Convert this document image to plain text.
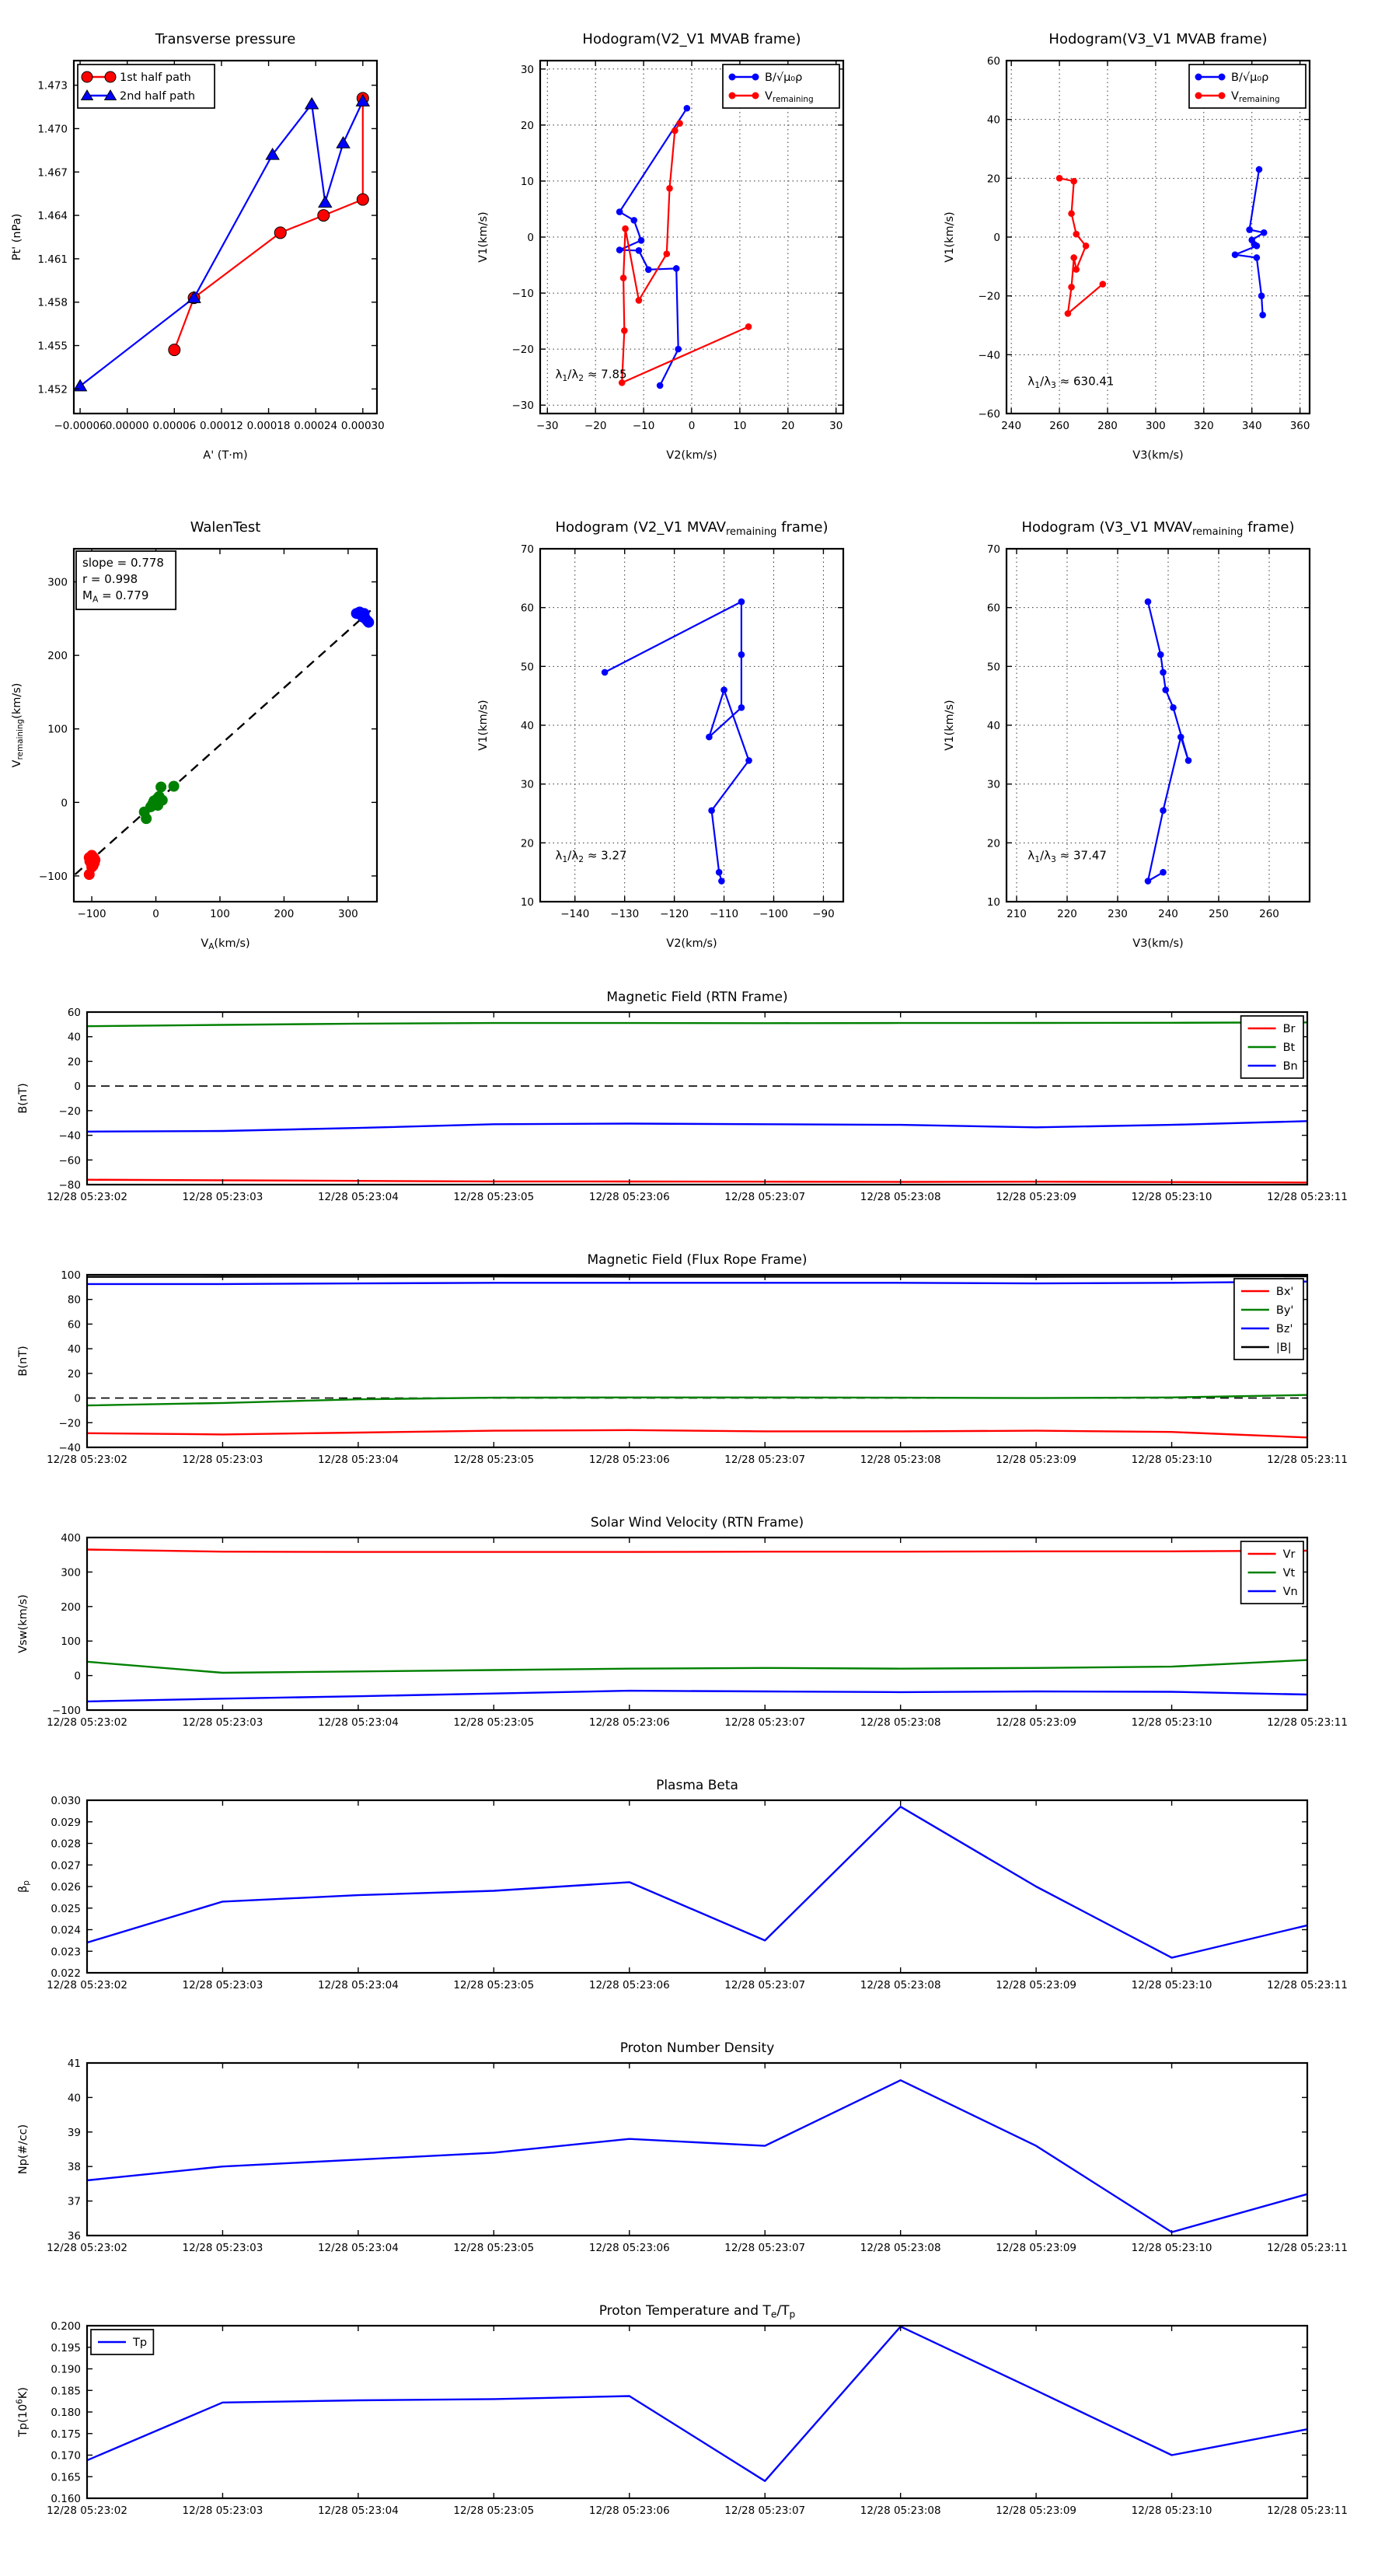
−0.00006 0.00000 0.00006 0.00012 0.00018 0.00024 0.00030
1.452
1.455
1.458
1.461
1.464
1.467
1.470
1.473
Transverse pressure
A' (T·m)
Pt' (nPa)
1st half path
2nd half path
−30 −20 −10	0	10	20	30
−30
−20
−10
0
10
20
30
Hodogram(V2_V1 MVAB frame)
V2(km/s)
V1(km/s)
$\lambda_1/\lambda_2 \approx 7.85$
B/√μ₀ρ
$V_{remaining}$
240	260	280	300	320	340	360
−60
−40
−20
0
20
40
60
Hodogram(V3_V1 MVAB frame)
V3(km/s)
V1(km/s)
$\lambda_1/\lambda_3 \approx 630.41$
B/√μ₀ρ
$V_{remaining}$
−100	0	100	200	300
−100
0
100
200
300
WalenTest
$V_A(km/s)$
$V_{remaining}(km/s)$
slope = 0.778
r = 0.998
$M_A = 0.779$
−140 −130 −120 −110 −100 −90
10
20
30
40
50
60
70
Hodogram (V2_V1 $MVAV_{remaining}$ frame)
V2(km/s)
V1(km/s)
$\lambda_1/\lambda_2 \approx 3.27$
210	220	230	240	250	260
10
20
30
40
50
60
70
Hodogram (V3_V1 $MVAV_{remaining}$ frame)
V3(km/s)
V1(km/s)
$\lambda_1/\lambda_3 \approx 37.47$
12/28 05:23:02	12/28 05:23:03	12/28 05:23:04	12/28 05:23:05	12/28 05:23:06	12/28 05:23:07	12/28 05:23:08	12/28 05:23:09	12/28 05:23:10	12/28 05:23:11
−80
−60
−40
−20
0
20
40
60
Magnetic Field (RTN Frame)
B(nT)
Br
Bt
Bn
12/28 05:23:02	12/28 05:23:03	12/28 05:23:04	12/28 05:23:05	12/28 05:23:06	12/28 05:23:07	12/28 05:23:08	12/28 05:23:09	12/28 05:23:10	12/28 05:23:11
−40
−20
0
20
40
60
80
100
Magnetic Field (Flux Rope Frame)
B(nT)
Bx'
By'
Bz'
|B|
12/28 05:23:02	12/28 05:23:03	12/28 05:23:04	12/28 05:23:05	12/28 05:23:06	12/28 05:23:07	12/28 05:23:08	12/28 05:23:09	12/28 05:23:10	12/28 05:23:11
−100
0
100
200
300
400
Solar Wind Velocity (RTN Frame)
Vsw(km/s)
Vr
Vt
Vn
12/28 05:23:02	12/28 05:23:03	12/28 05:23:04	12/28 05:23:05	12/28 05:23:06	12/28 05:23:07	12/28 05:23:08	12/28 05:23:09	12/28 05:23:10	12/28 05:23:11
0.022
0.023
0.024
0.025
0.026
0.027
0.028
0.029
0.030
Plasma Beta
$\beta_p$
12/28 05:23:02	12/28 05:23:03	12/28 05:23:04	12/28 05:23:05	12/28 05:23:06	12/28 05:23:07	12/28 05:23:08	12/28 05:23:09	12/28 05:23:10	12/28 05:23:11
36
37
38
39
40
41
Proton Number Density
Np(#/cc)
12/28 05:23:02	12/28 05:23:03	12/28 05:23:04	12/28 05:23:05	12/28 05:23:06	12/28 05:23:07	12/28 05:23:08	12/28 05:23:09	12/28 05:23:10	12/28 05:23:11
0.160
0.165
0.170
0.175
0.180
0.185
0.190
0.195
0.200
Proton Temperature and $T_e/T_p$
$Tp(10^6K)$
Tp
